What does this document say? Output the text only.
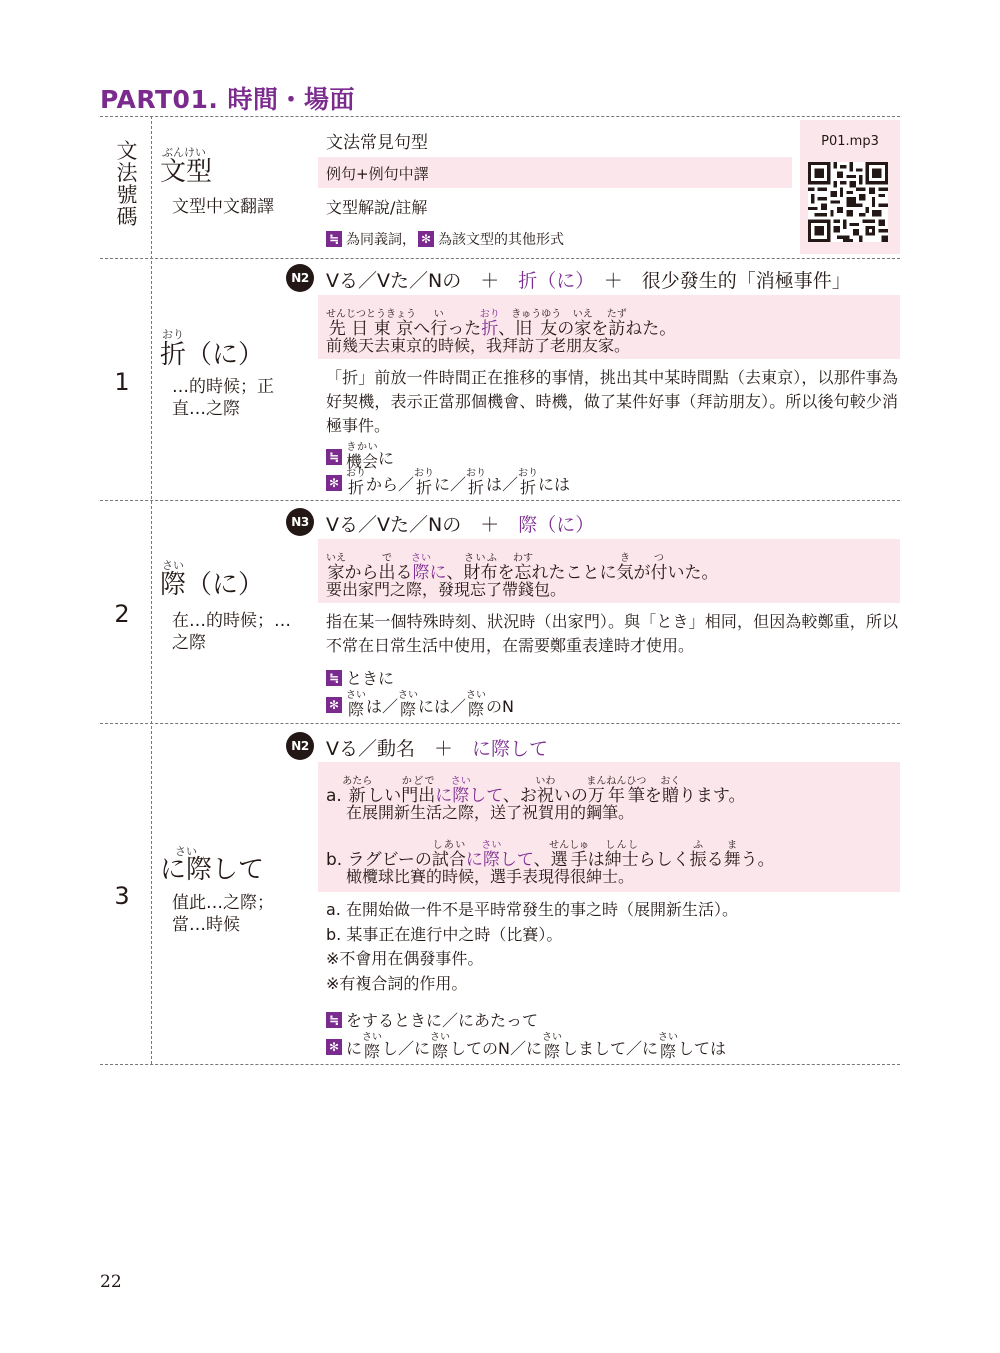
PART01. 時間・場面
文
法
號
碼
ぶんけい
文型
文型中文翻譯
文法常見句型
例句+例句中譯
文型解說/註解
≒ 為同義詞， ✻ 為該文型的其他形式
P01.mp3
おり
折（に）
…的時候；正
直…之際
1
N2 Vる／Vた／Nの　＋　折（に）　＋　很少發生的「消極事件」
先日東京せんじつとうきょうへ行いった折おり、旧友きゅうゆうの家いえを訪たずねた。
前幾天去東京的時候，我拜訪了老朋友家。
「折」前放一件時間正在推移的事情，挑出其中某時間點（去東京），以那件事為好契機，表示正當那個機會、時機，做了某件好事（拜訪朋友）。所以後句較少消極事件。
≒ 機会きかい
に
✻ 折おり
から／ 折おり
に／ 折おり
は／ 折おり
には
さい
際（に）
在…的時候；…
之際
2
N3 Vる／Vた／Nの　＋　際（に）
家いえから出でる際さいに、財布さいふを忘わすれたことに気きが付ついた。
要出家門之際，發現忘了帶錢包。
指在某一個特殊時刻、狀況時（出家門）。與「とき」相同，但因為較鄭重，所以不常在日常生活中使用，在需要鄭重表達時才使用。
≒ ときに
✻ 際さい
は／ 際さい
には／ 際さい
のN
さい
に際して
值此…之際；
當…時候
3
N2 Vる／動名　＋　に際して
a. 新あたらしい門出かどでに際さいして、お祝いわいの万年筆まんねんひつを贈おくります。
在展開新生活之際，送了祝賀用的鋼筆。
b. ラグビーの試合しあいに際さいして、選手せんしゅは紳士しんしらしく振ふる舞まう。
橄欖球比賽的時候，選手表現得很紳士。
a. 在開始做一件不是平時常發生的事之時（展開新生活）。
b. 某事正在進行中之時（比賽）。
※不會用在偶發事件。
※有複合詞的作用。
≒ をするときに／にあたって
✻ に 際さい
し／に 際さい
してのN／に 際さい
しまして／に 際さい
しては
22
